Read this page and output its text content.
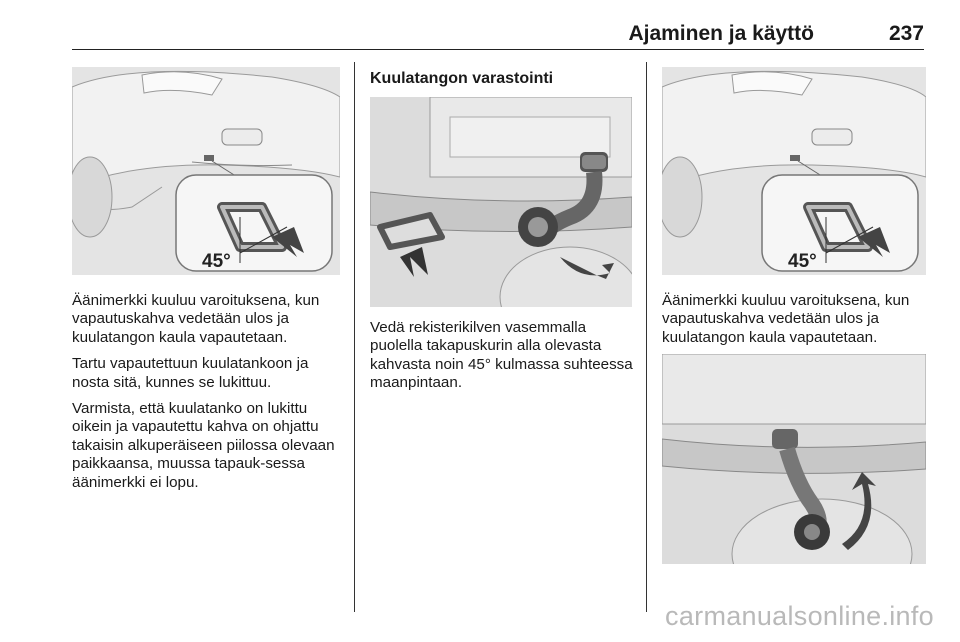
Ajaminen ja käyttö	237
45°

Äänimerkki kuuluu varoituksena, kun vapautuskahva vedetään ulos ja kuulatangon kaula vapautetaan.

Tartu vapautettuun kuulatankoon ja nosta sitä, kunnes se lukittuu.

Varmista, että kuulatanko on lukittu oikein ja vapautettu kahva on ohjattu takaisin alkuperäiseen piilossa olevaan paikkaansa, muussa tapauk-sessa äänimerkki ei lopu.

Kuulatangon varastointi

Vedä rekisterikilven vasemmalla puolella takapuskurin alla olevasta kahvasta noin 45° kulmassa suhteessa maanpintaan.

45°

Äänimerkki kuuluu varoituksena, kun vapautuskahva vedetään ulos ja kuulatangon kaula vapautetaan.

carmanualsonline.info
